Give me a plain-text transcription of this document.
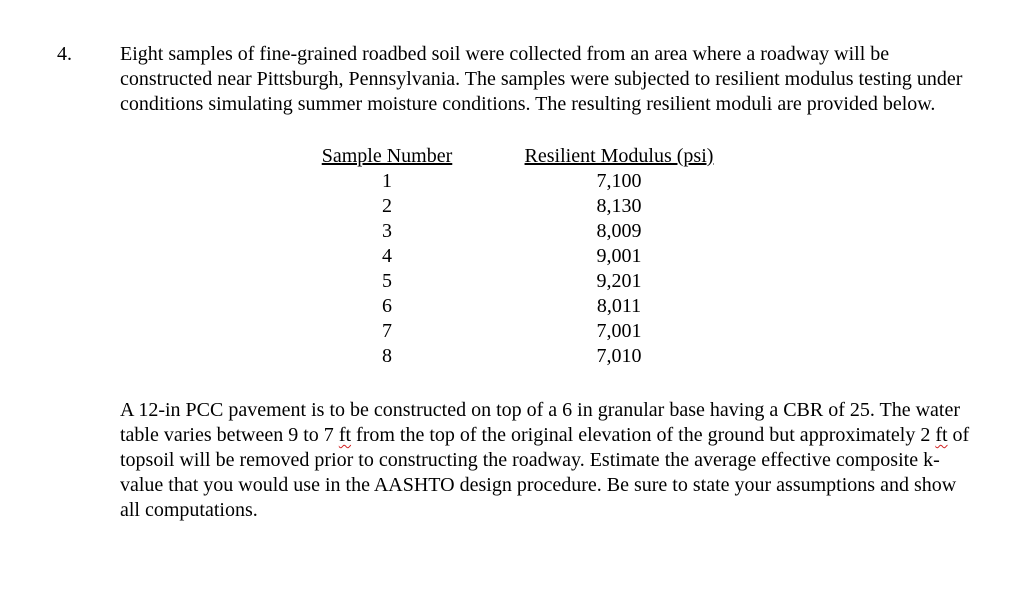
4. Eight samples of fine-grained roadbed soil were collected from an area where a roadway will be constructed near Pittsburgh, Pennsylvania. The samples were subjected to resilient modulus testing under conditions simulating summer moisture conditions. The resulting resilient moduli are provided below.

Sample Number		Resilient Modulus (psi)
1		7,100
2		8,130
3		8,009
4		9,001
5		9,201
6		8,011
7		7,001
8		7,010

A 12-in PCC pavement is to be constructed on top of a 6 in granular base having a CBR of 25. The water table varies between 9 to 7 ft from the top of the original elevation of the ground but approximately 2 ft of topsoil will be removed prior to constructing the roadway. Estimate the average effective composite k-value that you would use in the AASHTO design procedure. Be sure to state your assumptions and show all computations.
